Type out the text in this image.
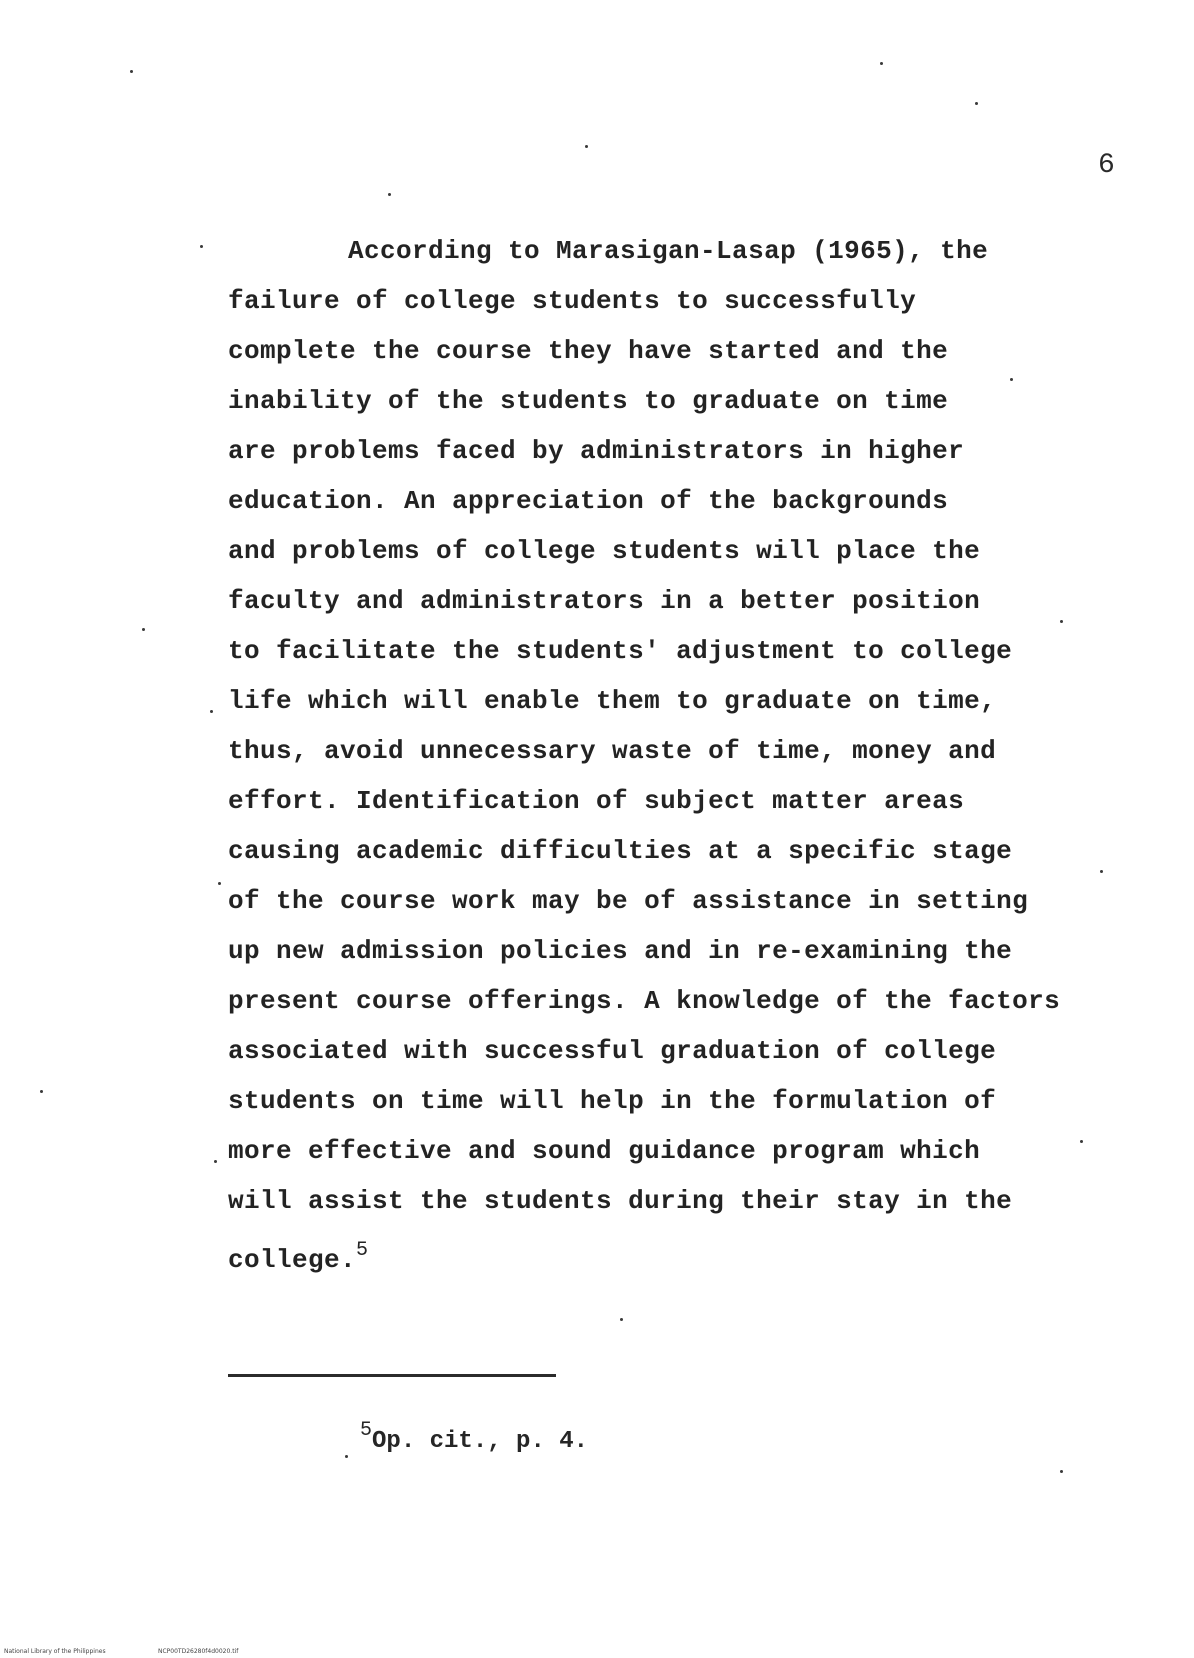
6
According to Marasigan-Lasap (1965), the
failure of college students to successfully
complete the course they have started and the
inability of the students to graduate on time
are problems faced by administrators in higher
education. An appreciation of the backgrounds
and problems of college students will place the
faculty and administrators in a better position
to facilitate the students' adjustment to college
life which will enable them to graduate on time,
thus, avoid unnecessary waste of time, money and
effort. Identification of subject matter areas
causing academic difficulties at a specific stage
of the course work may be of assistance in setting
up new admission policies and in re-examining the
present course offerings. A knowledge of the factors
associated with successful graduation of college
students on time will help in the formulation of
more effective and sound guidance program which
will assist the students during their stay in the
college.$^5$
$^5$Op. cit., p. 4.
National Library of the Philippines	NCP00TD26280f4d0020.tif
